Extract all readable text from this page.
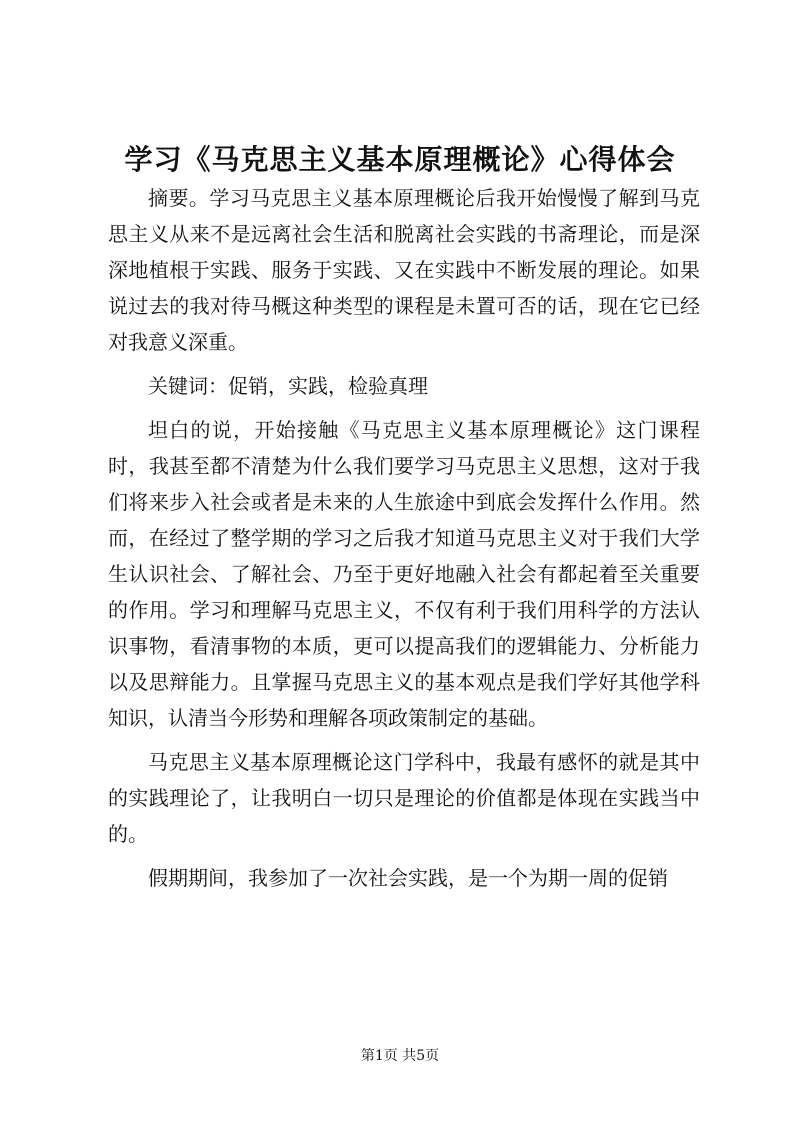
学习《马克思主义基本原理概论》心得体会

摘要。学习马克思主义基本原理概论后我开始慢慢了解到马克思主义从来不是远离社会生活和脱离社会实践的书斋理论，而是深深地植根于实践、服务于实践、又在实践中不断发展的理论。如果说过去的我对待马概这种类型的课程是未置可否的话，现在它已经对我意义深重。

关键词：促销，实践，检验真理

坦白的说，开始接触《马克思主义基本原理概论》这门课程时，我甚至都不清楚为什么我们要学习马克思主义思想，这对于我们将来步入社会或者是未来的人生旅途中到底会发挥什么作用。然而，在经过了整学期的学习之后我才知道马克思主义对于我们大学生认识社会、了解社会、乃至于更好地融入社会有都起着至关重要的作用。学习和理解马克思主义，不仅有利于我们用科学的方法认识事物，看清事物的本质，更可以提高我们的逻辑能力、分析能力以及思辩能力。且掌握马克思主义的基本观点是我们学好其他学科知识，认清当今形势和理解各项政策制定的基础。

马克思主义基本原理概论这门学科中，我最有感怀的就是其中的实践理论了，让我明白一切只是理论的价值都是体现在实践当中的。

假期期间，我参加了一次社会实践，是一个为期一周的促销

第1页 共5页
